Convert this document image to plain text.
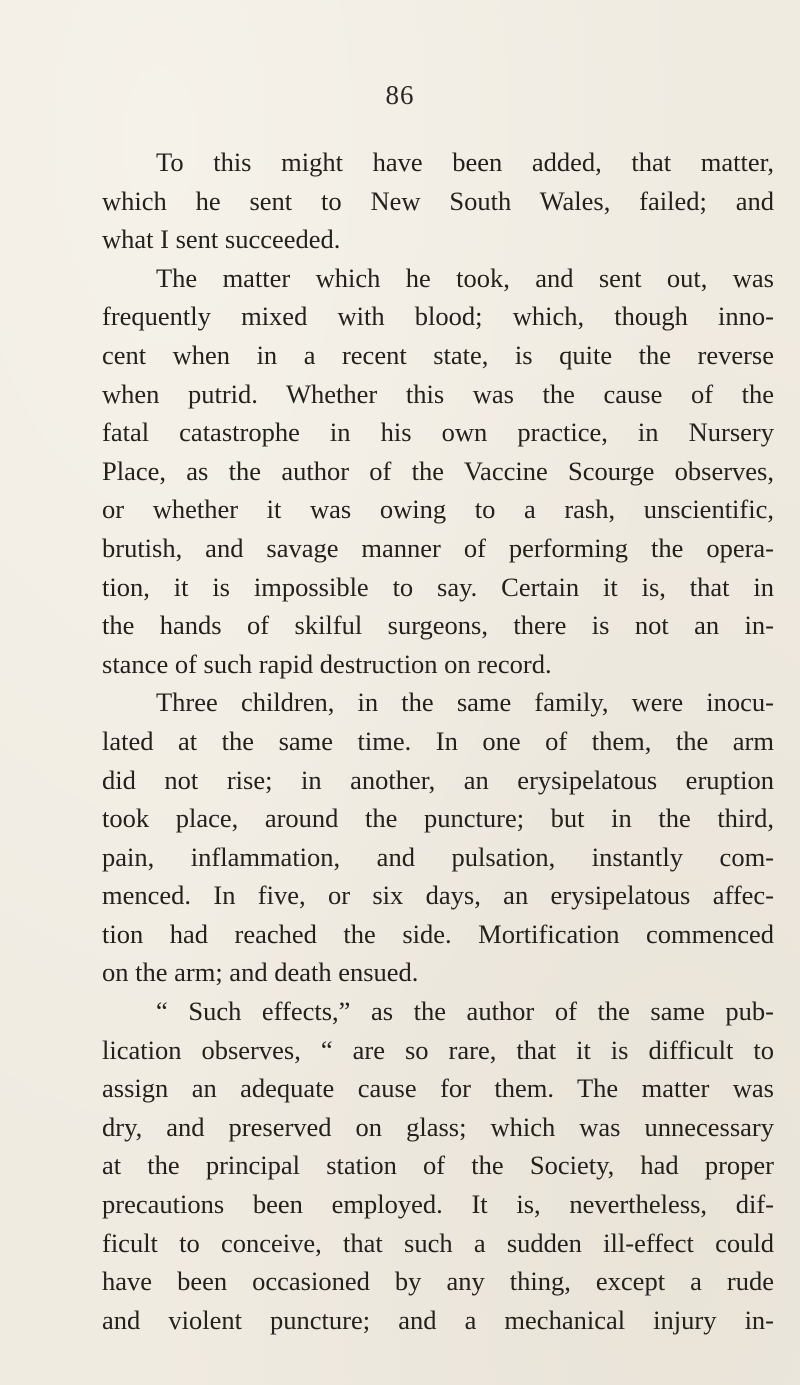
86
To this might have been added, that matter,
which he sent to New South Wales, failed; and
what I sent succeeded.
The matter which he took, and sent out, was
frequently mixed with blood; which, though inno-
cent when in a recent state, is quite the reverse
when putrid. Whether this was the cause of the
fatal catastrophe in his own practice, in Nursery
Place, as the author of the Vaccine Scourge observes,
or whether it was owing to a rash, unscientific,
brutish, and savage manner of performing the opera-
tion, it is impossible to say. Certain it is, that in
the hands of skilful surgeons, there is not an in-
stance of such rapid destruction on record.
Three children, in the same family, were inocu-
lated at the same time. In one of them, the arm
did not rise; in another, an erysipelatous eruption
took place, around the puncture; but in the third,
pain, inflammation, and pulsation, instantly com-
menced. In five, or six days, an erysipelatous affec-
tion had reached the side. Mortification commenced
on the arm; and death ensued.
“ Such effects,” as the author of the same pub-
lication observes, “ are so rare, that it is difficult to
assign an adequate cause for them. The matter was
dry, and preserved on glass; which was unnecessary
at the principal station of the Society, had proper
precautions been employed. It is, nevertheless, dif-
ficult to conceive, that such a sudden ill-effect could
have been occasioned by any thing, except a rude
and violent puncture; and a mechanical injury in-
